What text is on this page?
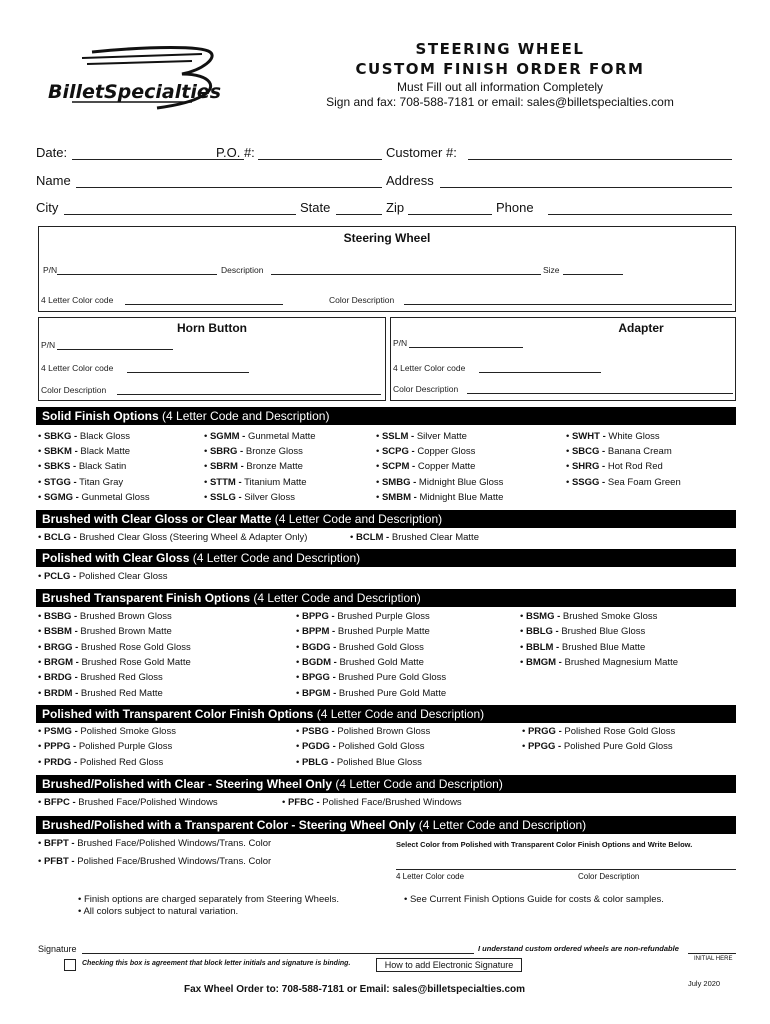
BilletSpecialties
STEERING WHEEL
CUSTOM FINISH ORDER FORM
Must Fill out all information Completely
Sign and fax: 708-588-7181 or email: sales@billetspecialties.com
Date:	P.O. #:	Customer #:
Name	Address
City	State	Zip	Phone
Steering Wheel
P/N	Description	Size
4 Letter Color code	Color Description
Horn Button
P/N
4 Letter Color code
Color Description
Adapter
P/N
4 Letter Color code
Color Description
Solid Finish Options (4 Letter Code and Description)
• SBKG - Black Gloss
• SBKM - Black Matte
• SBKS - Black Satin
• STGG - Titan Gray
• SGMG - Gunmetal Gloss
• SGMM - Gunmetal Matte
• SBRG - Bronze Gloss
• SBRM - Bronze Matte
• STTM - Titanium Matte
• SSLG - Silver Gloss
• SSLM - Silver Matte
• SCPG - Copper Gloss
• SCPM - Copper Matte
• SMBG - Midnight Blue Gloss
• SMBM - Midnight Blue Matte
• SWHT - White Gloss
• SBCG - Banana Cream
• SHRG - Hot Rod Red
• SSGG - Sea Foam Green
Brushed with Clear Gloss or Clear Matte (4 Letter Code and Description)
• BCLG - Brushed Clear Gloss (Steering Wheel & Adapter Only)	• BCLM - Brushed Clear Matte
Polished with Clear Gloss (4 Letter Code and Description)
• PCLG - Polished Clear Gloss
Brushed Transparent Finish Options (4 Letter Code and Description)
• BSBG - Brushed Brown Gloss
• BSBM - Brushed Brown Matte
• BRGG - Brushed Rose Gold Gloss
• BRGM - Brushed Rose Gold Matte
• BRDG - Brushed Red Gloss
• BRDM - Brushed Red Matte
• BPPG - Brushed Purple Gloss
• BPPM - Brushed Purple Matte
• BGDG - Brushed Gold Gloss
• BGDM - Brushed Gold Matte
• BPGG - Brushed Pure Gold Gloss
• BPGM - Brushed Pure Gold Matte
• BSMG - Brushed Smoke Gloss
• BBLG - Brushed Blue Gloss
• BBLM - Brushed Blue Matte
• BMGM - Brushed Magnesium Matte
Polished with Transparent Color Finish Options (4 Letter Code and Description)
• PSMG - Polished Smoke Gloss
• PPPG - Polished Purple Gloss
• PRDG - Polished Red Gloss
• PSBG - Polished Brown Gloss
• PGDG - Polished Gold Gloss
• PBLG - Polished Blue Gloss
• PRGG - Polished Rose Gold Gloss
• PPGG - Polished Pure Gold Gloss
Brushed/Polished with Clear - Steering Wheel Only (4 Letter Code and Description)
• BFPC - Brushed Face/Polished Windows	• PFBC - Polished Face/Brushed Windows
Brushed/Polished with a Transparent Color - Steering Wheel Only (4 Letter Code and Description)
• BFPT - Brushed Face/Polished Windows/Trans. Color
• PFBT - Polished Face/Brushed Windows/Trans. Color
Select Color from Polished with Transparent Color Finish Options and Write Below.
4 Letter Color code	Color Description
• Finish options are charged separately from Steering Wheels.
• All colors subject to natural variation.
• See Current Finish Options Guide for costs & color samples.
Signature	I understand custom ordered wheels are non-refundable
INITIAL HERE
Checking this box is agreement that block letter initials and signature is binding.	How to add Electronic Signature
Fax Wheel Order to: 708-588-7181 or Email: sales@billetspecialties.com
July 2020
